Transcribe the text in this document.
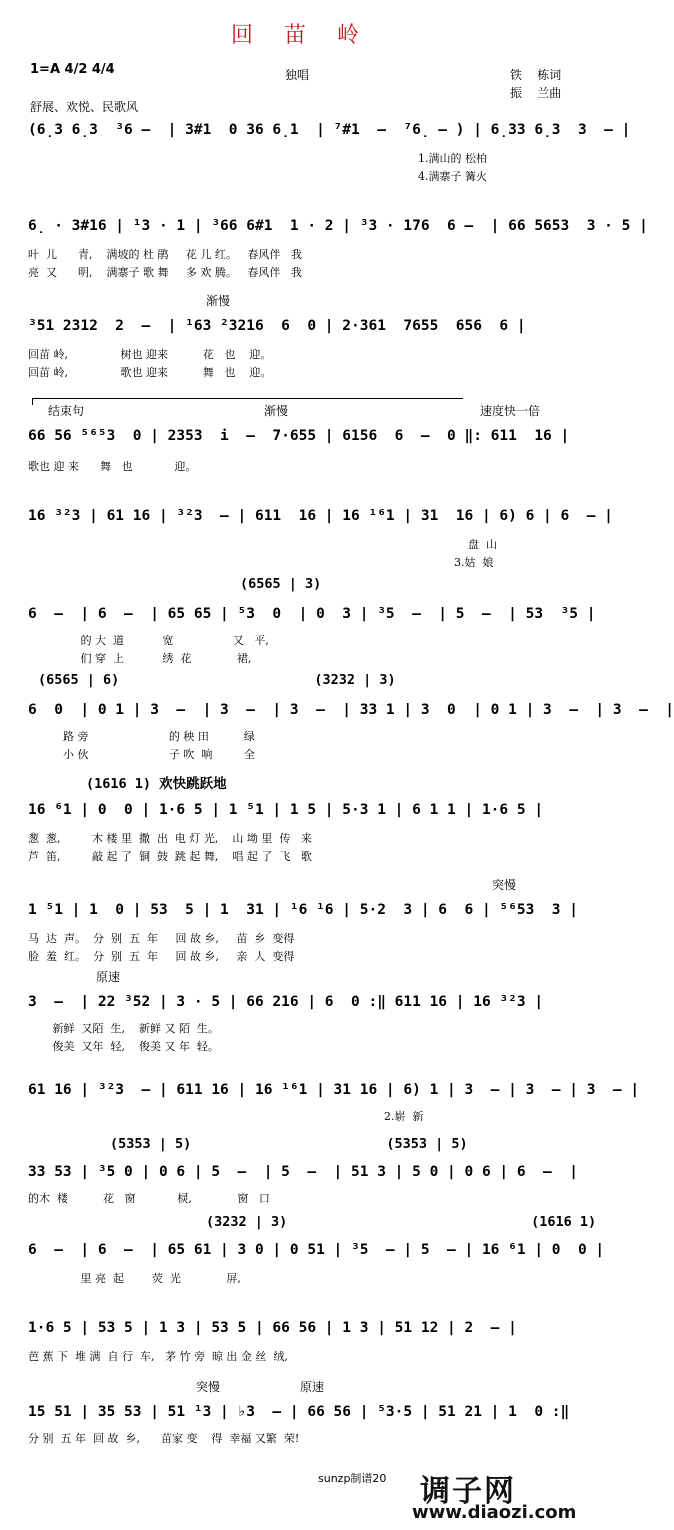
回 苗 岭
1=A 4/2 4/4	独唱	铁    栋词
振    兰曲
舒展、欢悦、民歌风
(6̣3 6̣3  ³6 –  | 3#1  0 36 6̣1  | ⁷#1  –  ⁷6̣ – ) | 6̣33 6̣3  3  – |
1.满山的 松柏
4.满寨子 篝火
6̣ · 3#16 | ¹3 · 1 | ³66 6#1  1 · 2 | ³3 · 176  6 –  | 66 5653  3 · 5 |
叶  儿      青,    满坡的 杜 鹃     花 儿 红。   春风伴   我
亮  又      明,    满寨子 歌 舞     多 欢 腾。   春风伴   我
渐慢
³51 2312  2  –  | ¹63 ²3216  6  0 | 2·361  7655  656  6 |
回苗 岭,               树也 迎来          花   也    迎。
回苗 岭,               歌也 迎来          舞   也    迎。
结束句	渐慢	速度快一倍
66 56 ⁵⁶⁵3  0 | 2353  i  –  7·655 | 6156  6  –  0 ‖: 611  16 |
歌也 迎 来      舞   也            迎。
16 ³²3 | 61 16 | ³²3  – | 611  16 | 16 ¹⁶1 | 31  16 | 6) 6 | 6  – |
盘  山
3.姑  娘
(6565 | 3)
6  –  | 6  –  | 65 65 | ⁵3  0  | 0  3 | ³5  –  | 5  –  | 53  ³5 |
的 大  道           宽                 又   平,
们 穿  上           绣  花             裙,
(6565 | 6)                        (3232 | 3)
6  0  | 0 1 | 3  –  | 3  –  | 3  –  | 33 1 | 3  0  | 0 1 | 3  –  | 3  –  |
路 旁                       的 秧 田          绿
小 伙                       子 吹  响         全
(1616 1) 欢快跳跃地
16 ⁶1 | 0  0 | 1·6 5 | 1 ⁵1 | 1 5 | 5·3 1 | 6 1 1 | 1·6 5 |
葱  葱,         木 楼 里  撒  出  电 灯 光,    山 坳 里  传   来
芦  笛,         敲 起 了  铜  鼓  跳 起 舞,    唱 起 了  飞   歌
突慢
1 ⁵1 | 1  0 | 53  5 | 1  31 | ¹6 ¹6 | 5·2  3 | 6  6 | ⁵⁶53  3 |
马  达  声。  分  别  五  年     回 故 乡,     苗  乡  变得
脸  羞  红。  分  别  五  年     回 故 乡,     亲  人  变得
原速
3  –  | 22 ³52 | 3 · 5 | 66 216 | 6  0 :‖ 611 16 | 16 ³²3 |
新鲜  又陌  生,    新鲜 又 陌  生。
俊美  又年  轻,    俊美 又 年  轻。
61 16 | ³²3  – | 611 16 | 16 ¹⁶1 | 31 16 | 6) 1 | 3  – | 3  – | 3  – |
2.崭  新
(5353 | 5)                        (5353 | 5)
33 53 | ³5 0 | 0 6 | 5  –  | 5  –  | 51 3 | 5 0 | 0 6 | 6  –  |
的木  楼          花   窗            棂,             窗   口
(3232 | 3)                              (1616 1)
6  –  | 6  –  | 65 61 | 3 0 | 0 51 | ³5  – | 5  – | 16 ⁶1 | 0  0 |
里 亮  起        荧  光             屏,
1·6 5 | 53 5 | 1 3 | 53 5 | 66 56 | 1 3 | 51 12 | 2  – |
芭 蕉 下  堆 满  自 行  车,   茅 竹 旁  晾 出 金 丝  绒,
突慢	原速
15 51 | 35 53 | 51 ¹3 | ♭3  – | 66 56 | ⁵3·5 | 51 21 | 1  0 :‖
分 别  五 年  回 故  乡,      苗家 变    得  幸福 又繁  荣!
sunzp制谱20 调子网
www.diaozi.com
